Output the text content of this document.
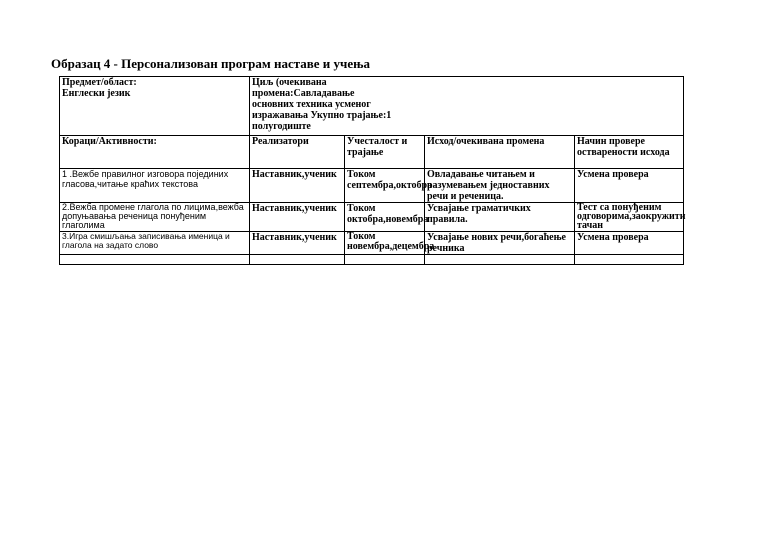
Образац 4 - Персонализован програм наставе и учења
Предмет/област:
Енглески језик	Циљ (очекивана
промена:Савладавање
основних техника усменог
изражавања Укупно трајање:1
полугодиште			

Кораци/Активности:	Реализатори	Учесталост и трајање	Исход/очекивана промена	Начин провере остварености исхода
1 .Вежбе правилног изговора појединих гласова,читање краћих текстова	Наставник,ученик	Током септембра,октобра	Овладавање читањем и разумевањем једноставних речи и реченица.	Усмена провера
2.Вежба промене глагола по лицима,вежба допуњавања реченица понуђеним глаголима	Наставник,ученик	Током октобра,новембра	Усвајање граматичких правила.	Тест са понуђеним одговорима,заокружити тачан
3.Игра смишљања записивања именица и глагола на задато слово	Наставник,ученик	Током новембра,децембра	Усвајање нових речи,богаћење речника	Усмена провера
